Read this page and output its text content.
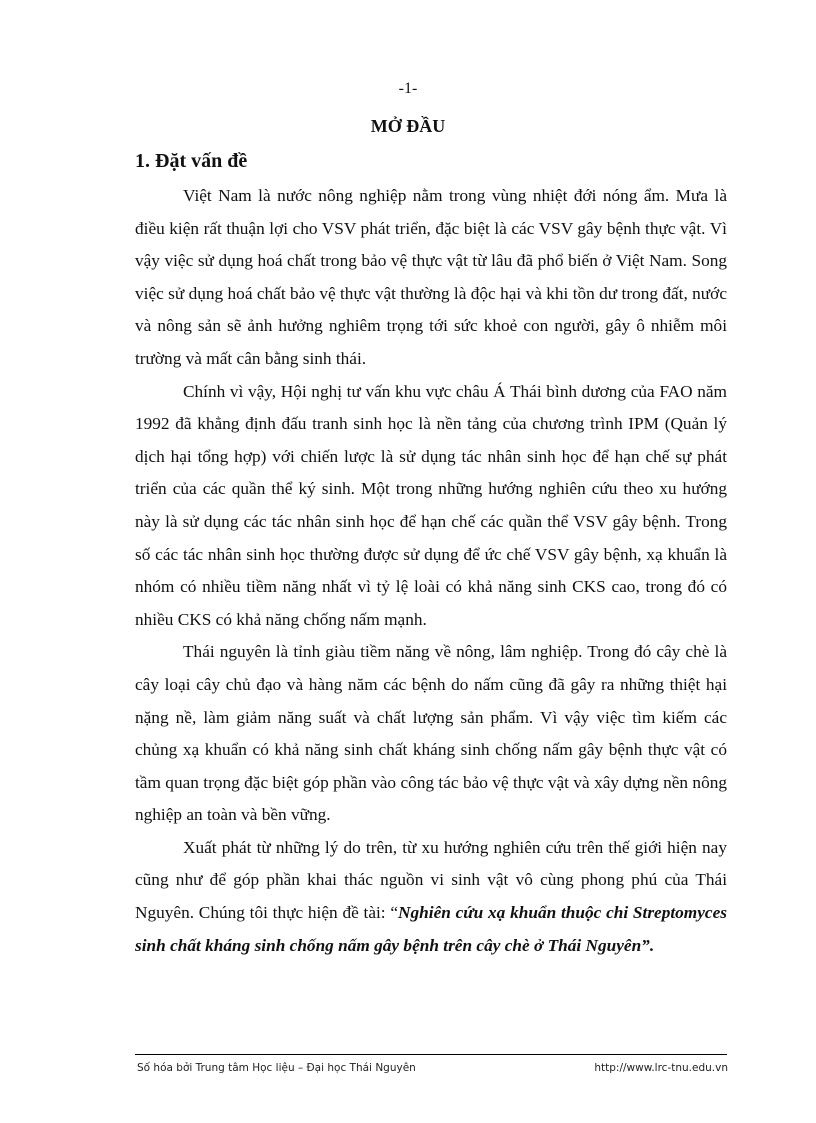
-1-
MỞ ĐẦU
1. Đặt vấn đề

Việt Nam là nước nông nghiệp nằm trong vùng nhiệt đới nóng ẩm. Mưa là điều kiện rất thuận lợi cho VSV phát triển, đặc biệt là các VSV gây bệnh thực vật. Vì vậy việc sử dụng hoá chất trong bảo vệ thực vật từ lâu đã phổ biến ở Việt Nam. Song việc sử dụng hoá chất bảo vệ thực vật thường là độc hại và khi tồn dư trong đất, nước và nông sản sẽ ảnh hưởng nghiêm trọng tới sức khoẻ con người, gây ô nhiễm môi trường và mất cân bằng sinh thái.

Chính vì vậy, Hội nghị tư vấn khu vực châu Á Thái bình dương của FAO năm 1992 đã khẳng định đấu tranh sinh học là nền tảng của chương trình IPM (Quản lý dịch hại tổng hợp) với chiến lược là sử dụng tác nhân sinh học để hạn chế sự phát triển của các quần thể ký sinh. Một trong những hướng nghiên cứu theo xu hướng này là sử dụng các tác nhân sinh học để hạn chế các quần thể VSV gây bệnh. Trong số các tác nhân sinh học thường được sử dụng để ức chế VSV gây bệnh, xạ khuẩn là nhóm có nhiều tiềm năng nhất vì tỷ lệ loài có khả năng sinh CKS cao, trong đó có nhiều CKS có khả năng chống nấm mạnh.

Thái nguyên là tỉnh giàu tiềm năng về nông, lâm nghiệp. Trong đó cây chè là cây loại cây chủ đạo và hàng năm các bệnh do nấm cũng đã gây ra những thiệt hại nặng nề, làm giảm năng suất và chất lượng sản phẩm. Vì vậy việc tìm kiếm các chủng xạ khuẩn có khả năng sinh chất kháng sinh chống nấm gây bệnh thực vật có tầm quan trọng đặc biệt góp phần vào công tác bảo vệ thực vật và xây dựng nền nông nghiệp an toàn và bền vững.

Xuất phát từ những lý do trên, từ xu hướng nghiên cứu trên thế giới hiện nay cũng như để góp phần khai thác nguồn vi sinh vật vô cùng phong phú của Thái Nguyên. Chúng tôi thực hiện đề tài: “Nghiên cứu xạ khuẩn thuộc chi Streptomyces sinh chất kháng sinh chống nấm gây bệnh trên cây chè ở Thái Nguyên”.

Số hóa bởi Trung tâm Học liệu – Đại học Thái Nguyên	http://www.lrc-tnu.edu.vn
